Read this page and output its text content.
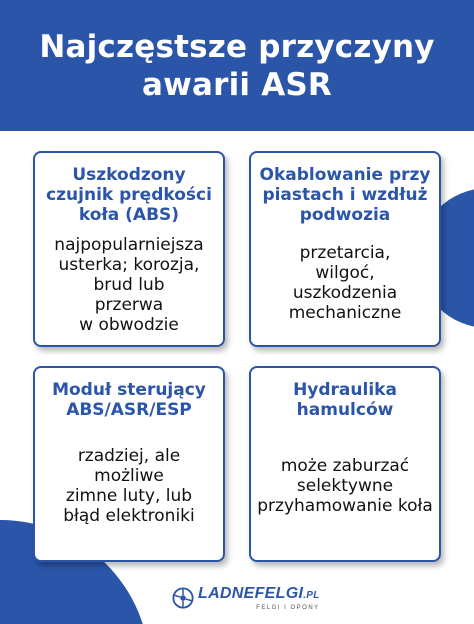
Najczęstsze przyczyny
awarii ASR
Uszkodzony
czujnik prędkości
koła (ABS)
najpopularniejsza
usterka; korozja,
brud lub
przerwa
w obwodzie
Okablowanie przy
piastach i wzdłuż
podwozia
przetarcia,
wilgoć,
uszkodzenia
mechaniczne
Moduł sterujący
ABS/ASR/ESP
rzadziej, ale możliwe
zimne luty, lub
błąd elektroniki
Hydraulika
hamulców
może zaburzać
selektywne
przyhamowanie koła
LADNEFELGI.PL
FELGI I OPONY
